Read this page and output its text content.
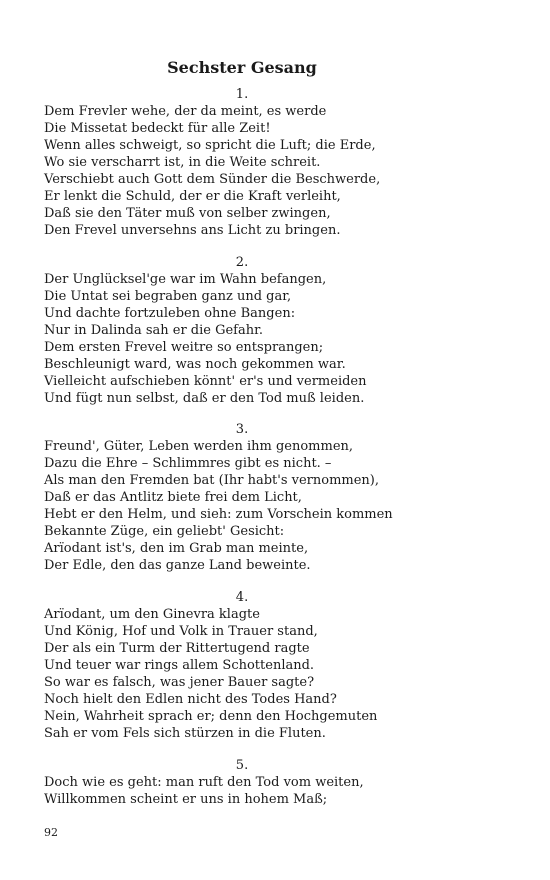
Sechster Gesang
1.
Dem Frevler wehe, der da meint, es werde
Die Missetat bedeckt für alle Zeit!
Wenn alles schweigt, so spricht die Luft; die Erde,
Wo sie verscharrt ist, in die Weite schreit.
Verschiebt auch Gott dem Sünder die Beschwerde,
Er lenkt die Schuld, der er die Kraft verleiht,
Daß sie den Täter muß von selber zwingen,
Den Frevel unversehns ans Licht zu bringen.
2.
Der Unglücksel'ge war im Wahn befangen,
Die Untat sei begraben ganz und gar,
Und dachte fortzuleben ohne Bangen:
Nur in Dalinda sah er die Gefahr.
Dem ersten Frevel weitre so entsprangen;
Beschleunigt ward, was noch gekommen war.
Vielleicht aufschieben könnt' er's und vermeiden
Und fügt nun selbst, daß er den Tod muß leiden.
3.
Freund', Güter, Leben werden ihm genommen,
Dazu die Ehre – Schlimmres gibt es nicht. –
Als man den Fremden bat (Ihr habt's vernommen),
Daß er das Antlitz biete frei dem Licht,
Hebt er den Helm, und sieh: zum Vorschein kommen
Bekannte Züge, ein geliebt' Gesicht:
Arïodant ist's, den im Grab man meinte,
Der Edle, den das ganze Land beweinte.
4.
Arïodant, um den Ginevra klagte
Und König, Hof und Volk in Trauer stand,
Der als ein Turm der Rittertugend ragte
Und teuer war rings allem Schottenland.
So war es falsch, was jener Bauer sagte?
Noch hielt den Edlen nicht des Todes Hand?
Nein, Wahrheit sprach er; denn den Hochgemuten
Sah er vom Fels sich stürzen in die Fluten.
5.
Doch wie es geht: man ruft den Tod vom weiten,
Willkommen scheint er uns in hohem Maß;
92
